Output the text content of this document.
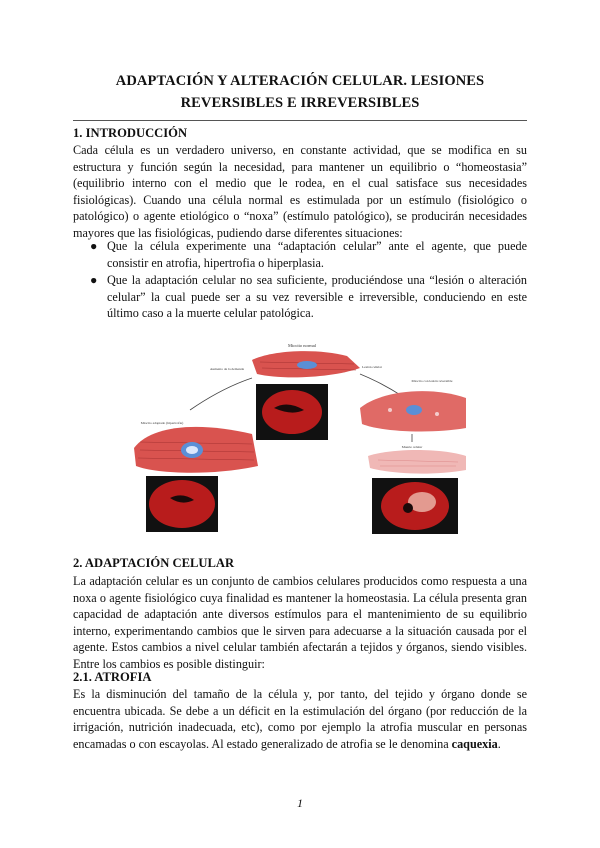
ADAPTACIÓN Y ALTERACIÓN CELULAR. LESIONES
REVERSIBLES E IRREVERSIBLES
1. INTRODUCCIÓN
Cada célula es un verdadero universo, en constante actividad, que se modifica en su estructura y función según la necesidad, para mantener un equilibrio o “homeostasia” (equilibrio interno con el medio que le rodea, en el cual satisface sus necesidades fisiológicas). Cuando una célula normal es estimulada por un estímulo (fisiológico o patológico) o agente etiológico o “noxa” (estímulo patológico), se producirán necesidades mayores que las fisiológicas, pudiendo darse diferentes situaciones:
● Que la célula experimente una “adaptación celular” ante el agente, que puede consistir en atrofia, hipertrofia o hiperplasia.
● Que la adaptación celular no sea suficiente, produciéndose una “lesión o alteración celular” la cual puede ser a su vez reversible e irreversible, conduciendo en este último caso a la muerte celular patológica.
Miocito normal
Aumento de la demanda	Lesión celular
Miocito adaptado (hipertrofia)
Miocito con lesión reversible
Muerte celular
2. ADAPTACIÓN CELULAR
La adaptación celular es un conjunto de cambios celulares producidos como respuesta a una noxa o agente fisiológico cuya finalidad es mantener la homeostasia. La célula presenta gran capacidad de adaptación ante diversos estímulos para el mantenimiento de su equilibrio interno, experimentando cambios que le sirven para adecuarse a la situación causada por el agente. Estos cambios a nivel celular también afectarán a tejidos y órganos, siendo visibles. Entre los cambios es posible distinguir:
2.1. ATROFIA
Es la disminución del tamaño de la célula y, por tanto, del tejido y órgano donde se encuentra ubicada. Se debe a un déficit en la estimulación del órgano (por reducción de la irrigación, nutrición inadecuada, etc), como por ejemplo la atrofia muscular en personas encamadas o con escayolas. Al estado generalizado de atrofia se le denomina caquexia.
1
